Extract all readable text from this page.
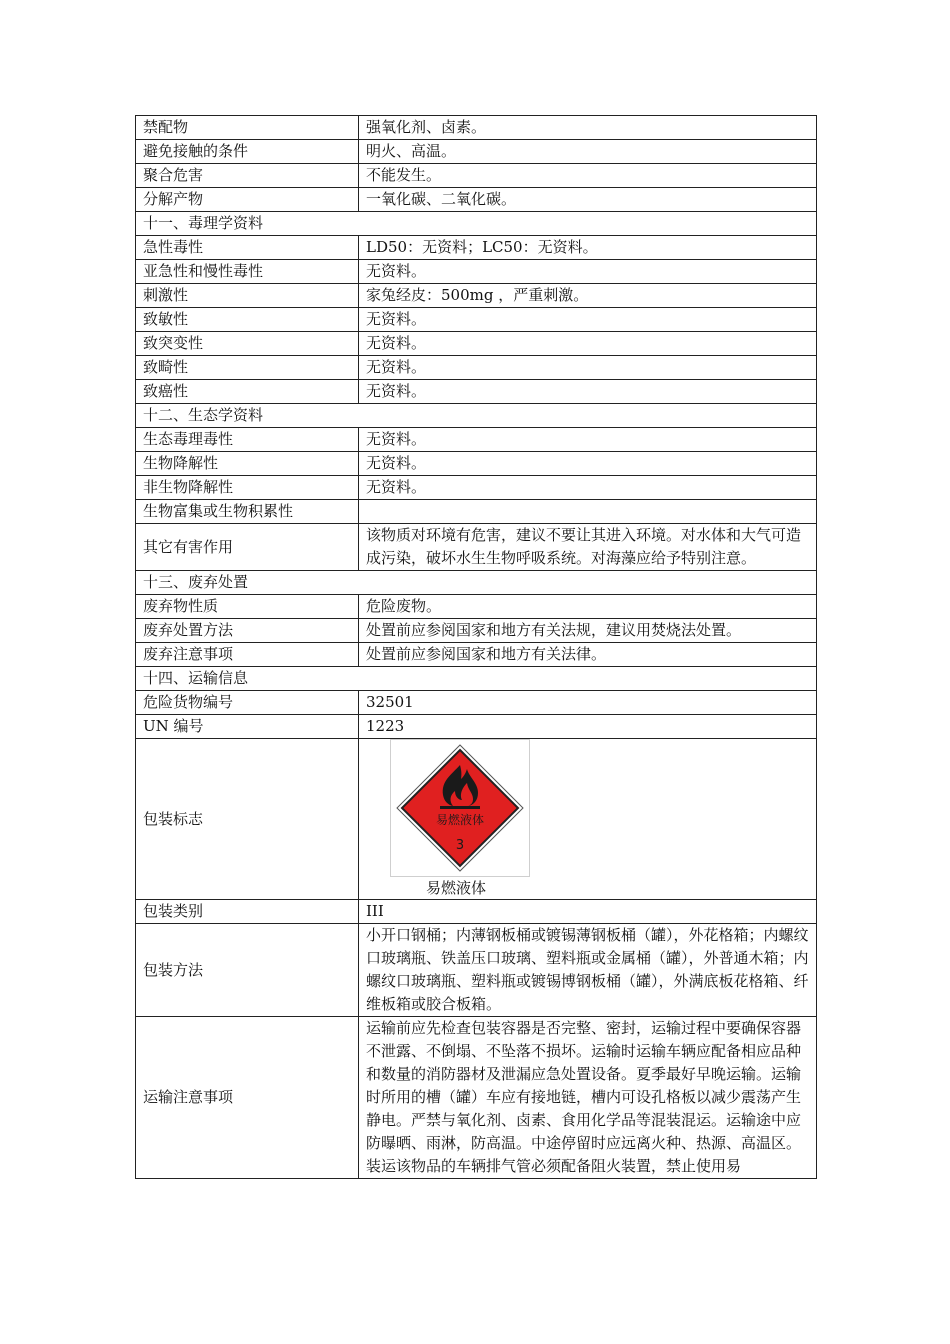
禁配物	强氧化剂、卤素。
避免接触的条件	明火、高温。
聚合危害	不能发生。
分解产物	一氧化碳、二氧化碳。
十一、毒理学资料	
急性毒性	LD50：无资料；LC50：无资料。
亚急性和慢性毒性	无资料。
刺激性	家兔经皮：500mg ，严重刺激。
致敏性	无资料。
致突变性	无资料。
致畸性	无资料。
致癌性	无资料。
十二、生态学资料	
生态毒理毒性	无资料。
生物降解性	无资料。
非生物降解性	无资料。
生物富集或生物积累性	
其它有害作用	该物质对环境有危害，建议不要让其进入环境。对水体和大气可造成污染，破坏水生生物呼吸系统。对海藻应给予特别注意。
十三、废弃处置	
废弃物性质	危险废物。
废弃处置方法	处置前应参阅国家和地方有关法规，建议用焚烧法处置。
废弃注意事项	处置前应参阅国家和地方有关法律。
十四、运输信息	
危险货物编号	32501
UN 编号	1223
包装标志	易燃液体
3
易燃液体

包装类别	III
包装方法	小开口钢桶；内薄钢板桶或镀锡薄钢板桶（罐），外花格箱；内螺纹口玻璃瓶、铁盖压口玻璃、塑料瓶或金属桶（罐），外普通木箱；内螺纹口玻璃瓶、塑料瓶或镀锡博钢板桶（罐），外满底板花格箱、纤维板箱或胶合板箱。
运输注意事项	运输前应先检查包装容器是否完整、密封，运输过程中要确保容器不泄露、不倒塌、不坠落不损坏。运输时运输车辆应配备相应品种和数量的消防器材及泄漏应急处置设备。夏季最好早晚运输。运输时所用的槽（罐）车应有接地链，槽内可设孔格板以减少震荡产生静电。严禁与氧化剂、卤素、食用化学品等混装混运。运输途中应防曝晒、雨淋，防高温。中途停留时应远离火种、热源、高温区。装运该物品的车辆排气管必须配备阻火装置，禁止使用易
